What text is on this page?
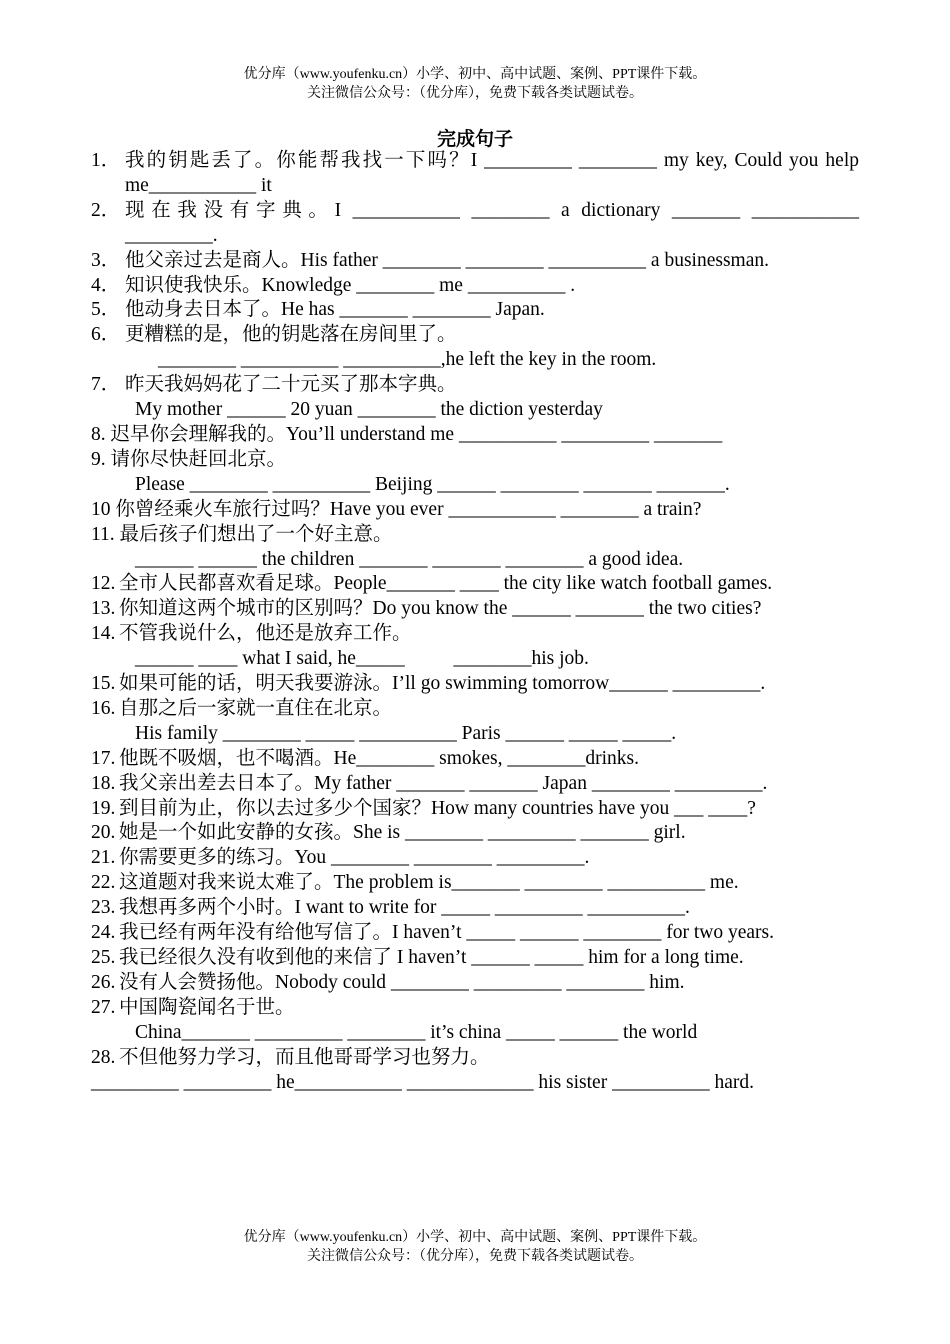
优分库（www.youfenku.cn）小学、初中、高中试题、案例、PPT课件下载。
关注微信公众号：（优分库），免费下载各类试题试卷。
完成句子
1． 我的钥匙丢了。你能帮我找一下吗？I _________ ________ my key, Could you help me___________ it
2． 现在我没有字典。I ___________ ________ a dictionary _______ ___________ _________.
3． 他父亲过去是商人。His father ________ ________ __________ a businessman.
4． 知识使我快乐。Knowledge ________ me __________ .
5． 他动身去日本了。He has _______ ________ Japan.
6． 更糟糕的是，他的钥匙落在房间里了。
________ __________ __________,he left the key in the room.
7． 昨天我妈妈花了二十元买了那本字典。
My mother ______ 20 yuan ________ the diction yesterday
8. 迟早你会理解我的。You’ll understand me __________ _________ _______
9. 请你尽快赶回北京。
Please ________ __________ Beijing ______ ________ _______ _______.
10 你曾经乘火车旅行过吗？Have you ever ___________ ________ a train?
11. 最后孩子们想出了一个好主意。
______ ______ the children _______ _______ ________ a good idea.
12. 全市人民都喜欢看足球。People_______ ____ the city like watch football games.
13. 你知道这两个城市的区别吗？Do you know the ______ _______ the two cities?
14. 不管我说什么，他还是放弃工作。
______ ____ what I said, he_____          ________his job.
15. 如果可能的话，明天我要游泳。I’ll go swimming tomorrow______ _________.
16. 自那之后一家就一直住在北京。
His family ________ _____ __________ Paris ______ _____ _____.
17. 他既不吸烟，也不喝酒。He________ smokes, ________drinks.
18. 我父亲出差去日本了。My father _______ _______ Japan ________ _________.
19. 到目前为止，你以去过多少个国家？How many countries have you ___ ____?
20. 她是一个如此安静的女孩。She is ________ _________ _______ girl.
21. 你需要更多的练习。You ________ ________ _________.
22. 这道题对我来说太难了。The problem is_______ ________ __________ me.
23. 我想再多两个小时。I want to write for _____ _________ __________.
24. 我已经有两年没有给他写信了。I haven’t _____ ______ ________ for two years.
25. 我已经很久没有收到他的来信了 I haven’t ______ _____ him for a long time.
26. 没有人会赞扬他。Nobody could ________ _________ ________ him.
27. 中国陶瓷闻名于世。
China_______ _________ ________ it’s china _____ ______ the world
28. 不但他努力学习，而且他哥哥学习也努力。
_________ _________ he___________ _____________ his sister __________ hard.
优分库（www.youfenku.cn）小学、初中、高中试题、案例、PPT课件下载。
关注微信公众号：（优分库），免费下载各类试题试卷。
